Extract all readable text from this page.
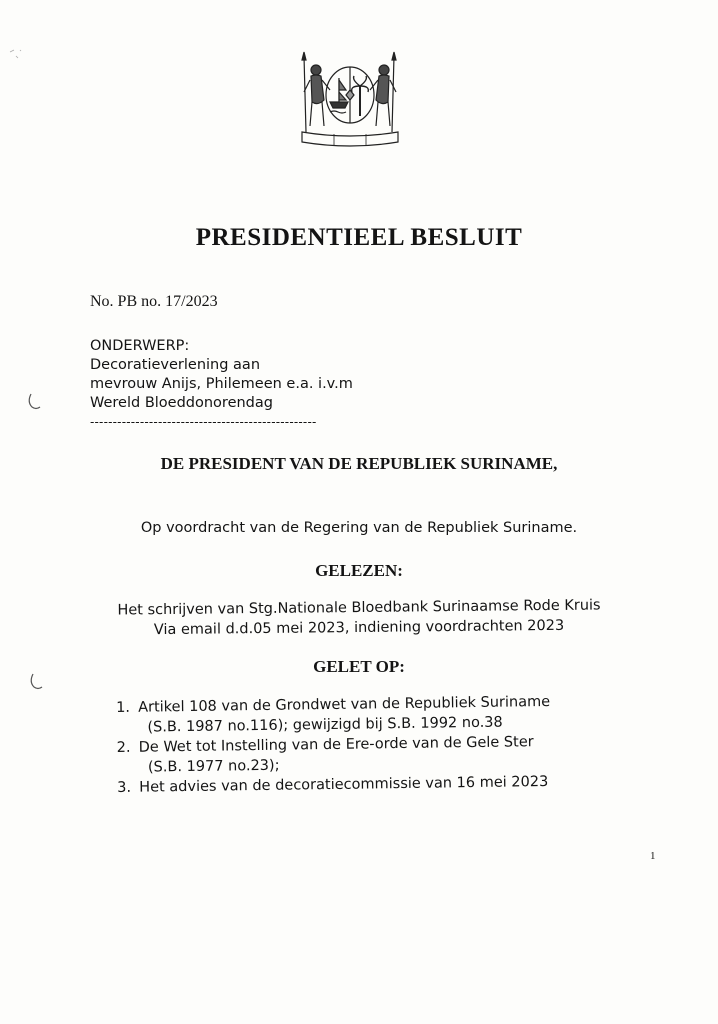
PRESIDENTIEEL BESLUIT
No. PB no. 17/2023
ONDERWERP:
Decoratieverlening aan
mevrouw Anijs, Philemeen e.a. i.v.m
Wereld Bloeddonorendag
--------------------------------------------------
DE PRESIDENT VAN DE REPUBLIEK SURINAME,
Op voordracht van de Regering van de Republiek Suriname.
GELEZEN:
Het schrijven van Stg.Nationale Bloedbank Surinaamse Rode Kruis
Via email d.d.05 mei 2023, indiening voordrachten 2023
GELET OP:
1. Artikel 108 van de Grondwet van de Republiek Suriname
(S.B. 1987 no.116); gewijzigd bij S.B. 1992 no.38
2. De Wet tot Instelling van de Ere-orde van de Gele Ster
(S.B. 1977 no.23);
3. Het advies van de decoratiecommissie van 16 mei 2023
1
